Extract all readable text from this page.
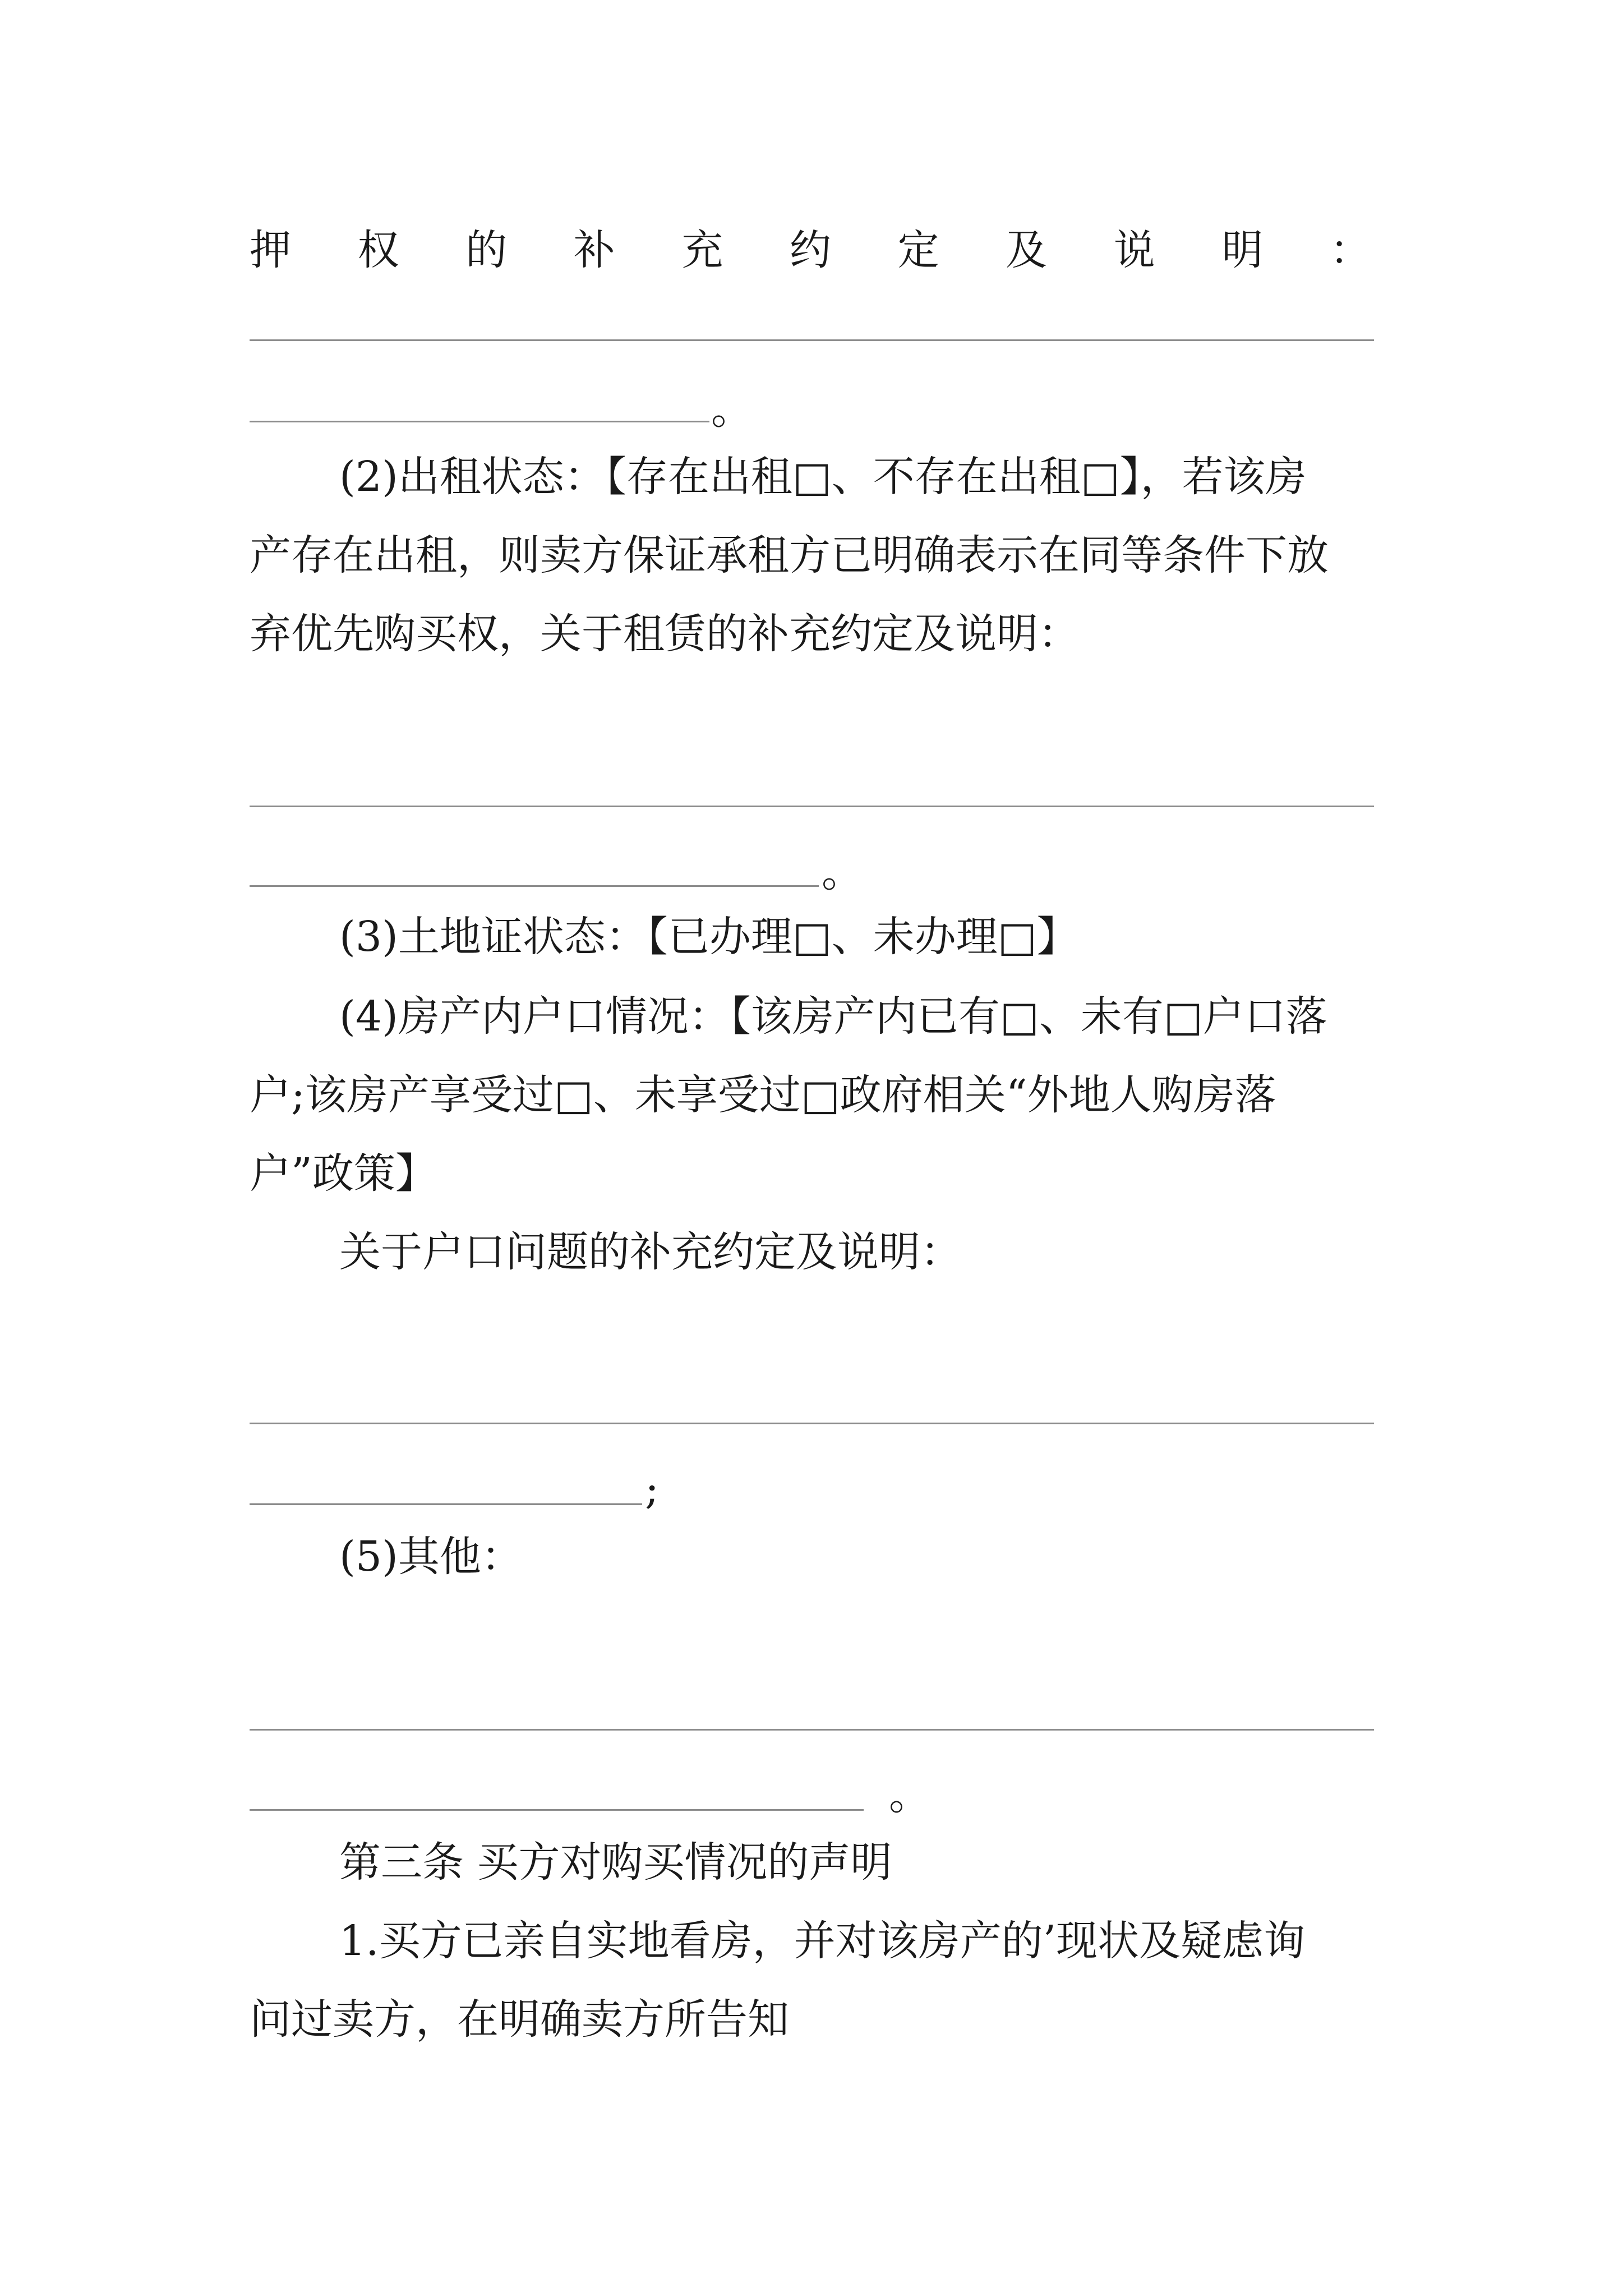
押 权 的 补 充 约 定 及 说 明 ：
。
(2)出租状态：【存在出租□、不存在出租□】，若该房
产存在出租，则卖方保证承租方已明确表示在同等条件下放
弃优先购买权，关于租赁的补充约定及说明：
。
(3)土地证状态：【已办理□、未办理□】
(4)房产内户口情况：【该房产内已有□、未有□户口落
户;该房产享受过□、未享受过□政府相关“外地人购房落
户”政策】
关于户口问题的补充约定及说明：
;
(5)其他：
。
第三条 买方对购买情况的声明
1.买方已亲自实地看房，并对该房产的’现状及疑虑询
问过卖方，在明确卖方所告知
